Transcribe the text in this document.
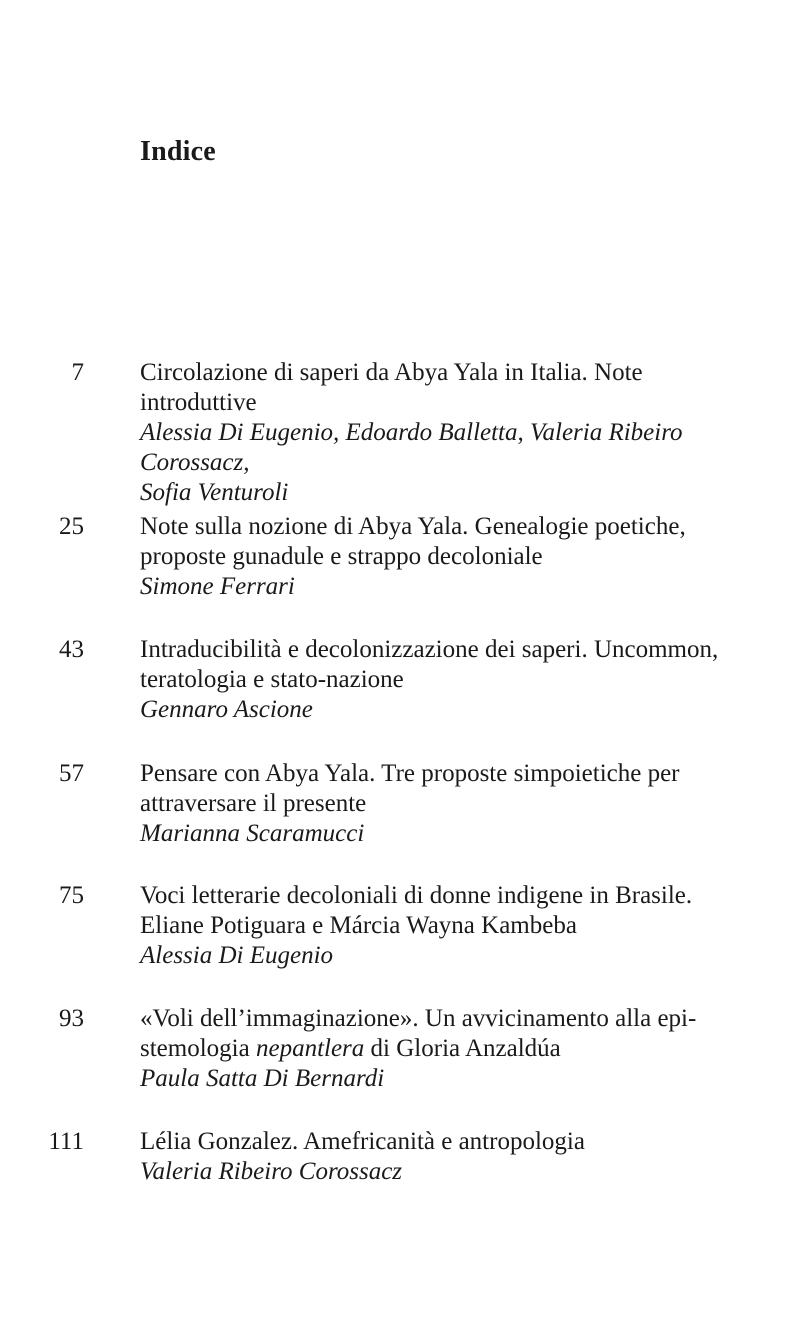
Indice
7 Circolazione di saperi da Abya Yala in Italia. Note
introduttive
Alessia Di Eugenio, Edoardo Balletta, Valeria Ribeiro Corossacz,
Sofia Venturoli
25 Note sulla nozione di Abya Yala. Genealogie poetiche,
proposte gunadule e strappo decoloniale
Simone Ferrari
43 Intraducibilità e decolonizzazione dei saperi. Uncommon,
teratologia e stato-nazione
Gennaro Ascione
57 Pensare con Abya Yala. Tre proposte simpoietiche per
attraversare il presente
Marianna Scaramucci
75 Voci letterarie decoloniali di donne indigene in Brasile.
Eliane Potiguara e Márcia Wayna Kambeba
Alessia Di Eugenio
93 «Voli dell’immaginazione». Un avvicinamento alla epi-
stemologia nepantlera di Gloria Anzaldúa
Paula Satta Di Bernardi
111 Lélia Gonzalez. Amefricanità e antropologia
Valeria Ribeiro Corossacz
